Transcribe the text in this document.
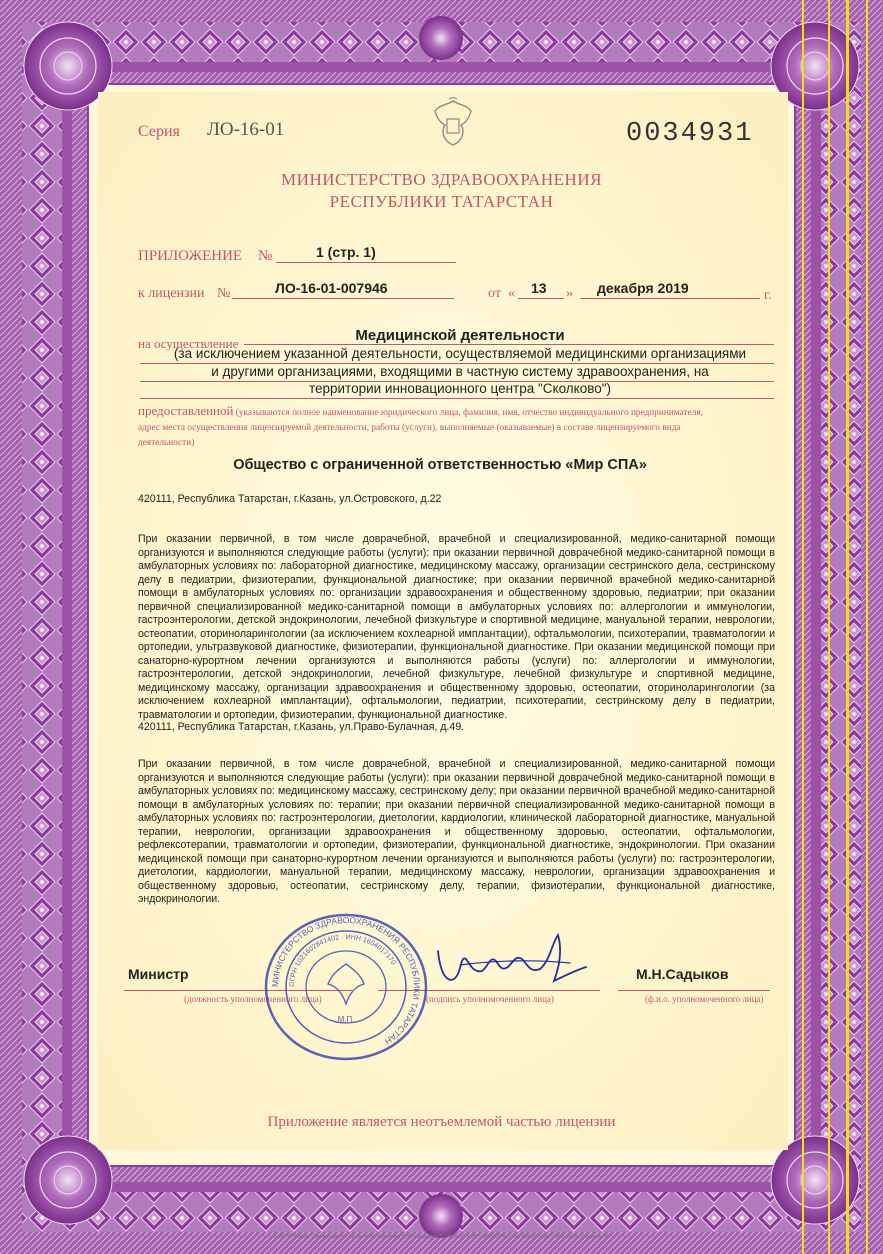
Серия ЛО-16-01	0034931
МИНИСТЕРСТВО ЗДРАВООХРАНЕНИЯ
РЕСПУБЛИКИ ТАТАРСТАН
ПРИЛОЖЕНИЕ №	1 (стр. 1)
к лицензии №	ЛО-16-01-007946	от « 13 » декабря 2019	г.
на осуществление	Медицинской деятельности
(за исключением указанной деятельности, осуществляемой медицинскими организациями
и другими организациями, входящими в частную систему здравоохранения, на
территории инновационного центра "Сколково")
предоставленной (указываются полное наименование юридического лица, фамилия, имя, отчество индивидуального предпринимателя,
адрес места осуществления лицензируемой деятельности, работы (услуги), выполняемые (оказываемые) в составе лицензируемого вида
деятельности)
Общество с ограниченной ответственностью «Мир СПА»
420111, Республика Татарстан, г.Казань, ул.Островского, д.22
При оказании первичной, в том числе доврачебной, врачебной и специализированной, медико-санитарной помощи организуются и выполняются следующие работы (услуги): при оказании первичной доврачебной медико-санитарной помощи в амбулаторных условиях по: лабораторной диагностике, медицинскому массажу, организации сестринского дела, сестринскому делу в педиатрии, физиотерапии, функциональной диагностике; при оказании первичной врачебной медико-санитарной помощи в амбулаторных условиях по: организации здравоохранения и общественному здоровью, педиатрии; при оказании первичной специализированной медико-санитарной помощи в амбулаторных условиях по: аллергологии и иммунологии, гастроэнтерологии, детской эндокринологии, лечебной физкультуре и спортивной медицине, мануальной терапии, неврологии, остеопатии, оториноларингологии (за исключением кохлеарной имплантации), офтальмологии, психотерапии, травматологии и ортопедии, ультразвуковой диагностике, физиотерапии, функциональной диагностике. При оказании медицинской помощи при санаторно-курортном лечении организуются и выполняются работы (услуги) по: аллергологии и иммунологии, гастроэнтерологии, детской эндокринологии, лечебной физкультуре, лечебной физкультуре и спортивной медицине, медицинскому массажу, организации здравоохранения и общественному здоровью, остеопатии, оториноларингологии (за исключением кохлеарной имплантации), офтальмологии, педиатрии, психотерапии, сестринскому делу в педиатрии, травматологии и ортопедии, физиотерапии, функциональной диагностике.
420111, Республика Татарстан, г.Казань, ул.Право-Булачная, д.49.
При оказании первичной, в том числе доврачебной, врачебной и специализированной, медико-санитарной помощи организуются и выполняются следующие работы (услуги): при оказании первичной доврачебной медико-санитарной помощи в амбулаторных условиях по: медицинскому массажу, сестринскому делу; при оказании первичной врачебной медико-санитарной помощи в амбулаторных условиях по: терапии; при оказании первичной специализированной медико-санитарной помощи в амбулаторных условиях по: гастроэнтерологии, диетологии, кардиологии, клинической лабораторной диагностике, мануальной терапии, неврологии, организации здравоохранения и общественному здоровью, остеопатии, офтальмологии, рефлексотерапии, травматологии и ортопедии, физиотерапии, функциональной диагностике, эндокринологии. При оказании медицинской помощи при санаторно-курортном лечении организуются и выполняются работы (услуги) по: гастроэнтерологии, диетологии, кардиологии, мануальной терапии, медицинскому массажу, неврологии, организации здравоохранения и общественному здоровью, остеопатии, сестринскому делу, терапии, физиотерапии, функциональной диагностике, эндокринологии.
Министр	М.Н.Садыков
(должность уполномоченного лица)	(подпись уполномоченного лица)	(ф.и.о. уполномоченного лица)
МИНИСТЕРСТВО ЗДРАВООХРАНЕНИЯ РЕСПУБЛИКИ ТАТАРСТАН
ОГРН 1021602841402 · ИНН 1654017170
М.П.
Приложение является неотъемлемой частью лицензии
© ФГУП "Гознак" Типография № 12 им. М.Н. Заданова. СПб. Лицензия 05-05-09/19. ИНН 7808037741. Зак. 193037. Тир. 3000. 2019 г. Уровень "Б"
